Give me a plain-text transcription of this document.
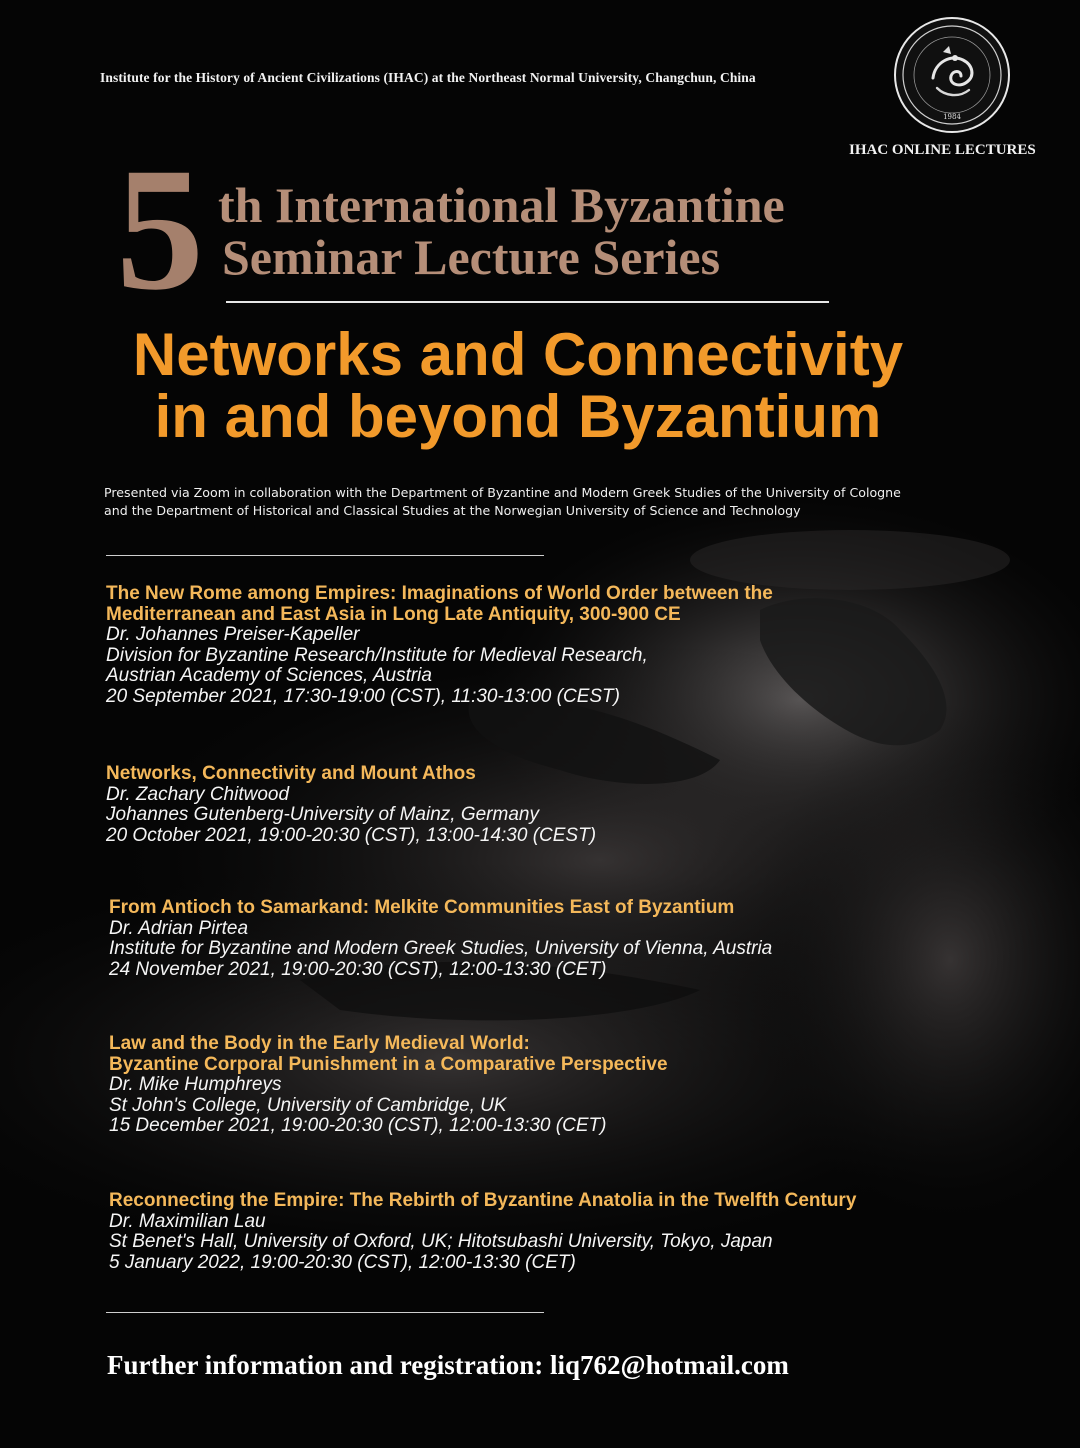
Institute for the History of Ancient Civilizations (IHAC) at the Northeast Normal University, Changchun, China
1984
IHAC ONLINE LECTURES
5 th International Byzantine
Seminar Lecture Series
Networks and Connectivity
in and beyond Byzantium
Presented via Zoom in collaboration with the Department of Byzantine and Modern Greek Studies of the University of Cologne
and the Department of Historical and Classical Studies at the Norwegian University of Science and Technology
The New Rome among Empires: Imaginations of World Order between the
Mediterranean and East Asia in Long Late Antiquity, 300-900 CE
Dr. Johannes Preiser-Kapeller
Division for Byzantine Research/Institute for Medieval Research,
Austrian Academy of Sciences, Austria
20 September 2021, 17:30-19:00 (CST), 11:30-13:00 (CEST)
Networks, Connectivity and Mount Athos
Dr. Zachary Chitwood
Johannes Gutenberg-University of Mainz, Germany
20 October 2021, 19:00-20:30 (CST), 13:00-14:30 (CEST)
From Antioch to Samarkand: Melkite Communities East of Byzantium
Dr. Adrian Pirtea
Institute for Byzantine and Modern Greek Studies, University of Vienna, Austria
24 November 2021, 19:00-20:30 (CST), 12:00-13:30 (CET)
Law and the Body in the Early Medieval World:
Byzantine Corporal Punishment in a Comparative Perspective
Dr. Mike Humphreys
St John's College, University of Cambridge, UK
15 December 2021, 19:00-20:30 (CST), 12:00-13:30 (CET)
Reconnecting the Empire: The Rebirth of Byzantine Anatolia in the Twelfth Century
Dr. Maximilian Lau
St Benet's Hall, University of Oxford, UK; Hitotsubashi University, Tokyo, Japan
5 January 2022, 19:00-20:30 (CST), 12:00-13:30 (CET)
Further information and registration: liq762@hotmail.com
